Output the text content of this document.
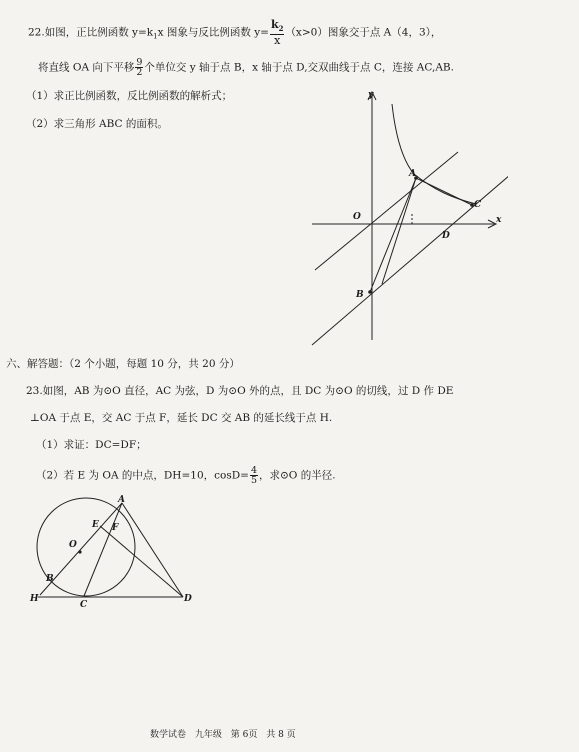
22.如图，正比例函数 $y=k_1x$ 图象与反比例函数 $y= \frac{k_2}{x} (x>0)$图象交于点 A（4，3），
将直线 OA 向下平移 $\frac{9}{2}$ 个单位交 y 轴于点 B，x 轴于点 D,交双曲线于点 C，连接 AC,AB.
（1）求正比例函数，反比例函数的解析式；
（2）求三角形 ABC 的面积。
y
x
O
A
C
D
B
六、解答题：（2 个小题，每题 10 分，共 20 分）
23.如图，AB 为⊙O 直径，AC 为弦，D 为⊙O 外的点，且 DC 为⊙O 的切线，过 D 作 DE
⊥OA 于点 E，交 AC 于点 F，延长 DC 交 AB 的延长线于点 H.
（1）求证：DC=DF；
（2）若 E 为 OA 的中点，DH=10，$\cos D= \frac{4}{5}$ ，求⊙O 的半径.
A
E F
O
B
H
C
D
数学试卷 九年级 第 6页 共 8 页
